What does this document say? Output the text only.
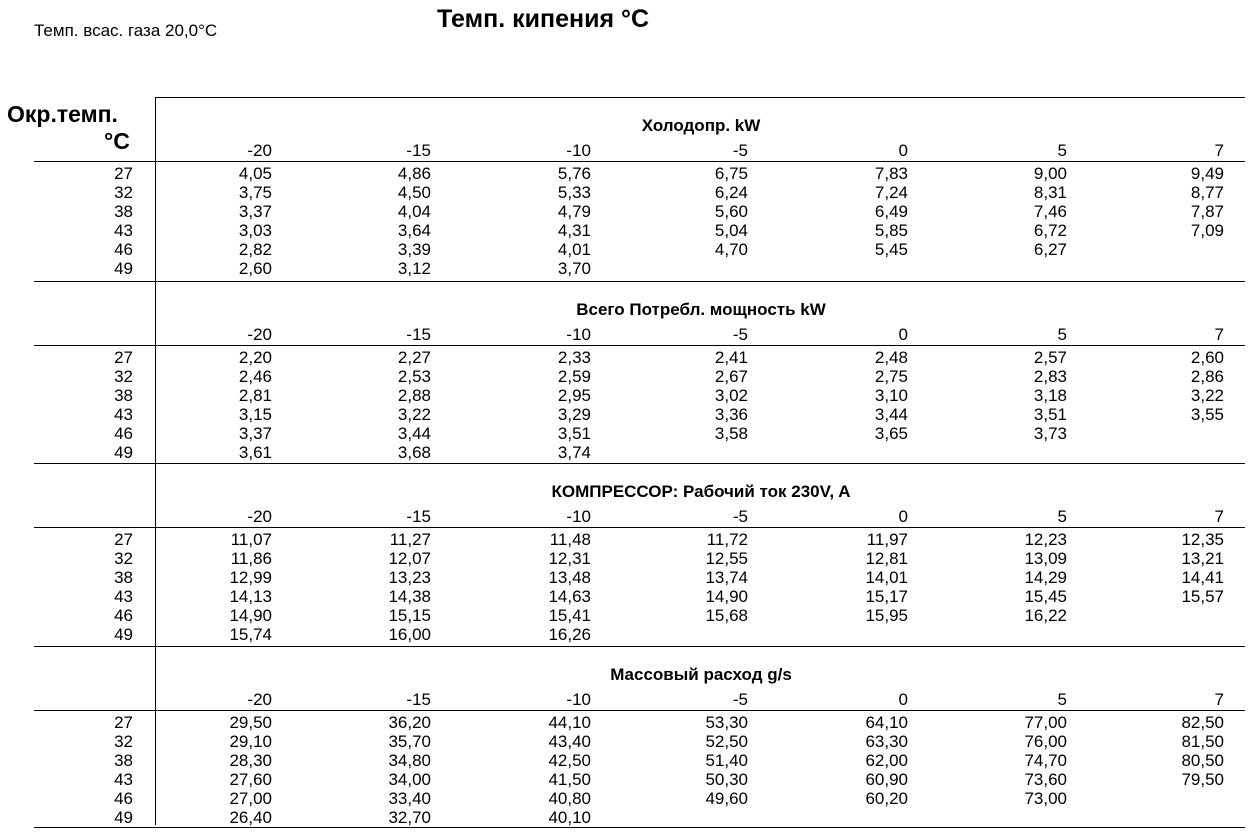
Темп. всас. газа 20,0°C	Темп. кипения °C
Окр.темп.
°C
Холодопр. kW
-20	-15	-10	-5	0	5	7
27	4,05	4,86	5,76	6,75	7,83	9,00	9,49
32	3,75	4,50	5,33	6,24	7,24	8,31	8,77
38	3,37	4,04	4,79	5,60	6,49	7,46	7,87
43	3,03	3,64	4,31	5,04	5,85	6,72	7,09
46	2,82	3,39	4,01	4,70	5,45	6,27
49	2,60	3,12	3,70
Всего Потребл. мощность kW
-20	-15	-10	-5	0	5	7
27	2,20	2,27	2,33	2,41	2,48	2,57	2,60
32	2,46	2,53	2,59	2,67	2,75	2,83	2,86
38	2,81	2,88	2,95	3,02	3,10	3,18	3,22
43	3,15	3,22	3,29	3,36	3,44	3,51	3,55
46	3,37	3,44	3,51	3,58	3,65	3,73
49	3,61	3,68	3,74
КОМПРЕССОР: Рабочий ток 230V, A
-20	-15	-10	-5	0	5	7
27	11,07	11,27	11,48	11,72	11,97	12,23	12,35
32	11,86	12,07	12,31	12,55	12,81	13,09	13,21
38	12,99	13,23	13,48	13,74	14,01	14,29	14,41
43	14,13	14,38	14,63	14,90	15,17	15,45	15,57
46	14,90	15,15	15,41	15,68	15,95	16,22
49	15,74	16,00	16,26
Массовый расход g/s
-20	-15	-10	-5	0	5	7
27	29,50	36,20	44,10	53,30	64,10	77,00	82,50
32	29,10	35,70	43,40	52,50	63,30	76,00	81,50
38	28,30	34,80	42,50	51,40	62,00	74,70	80,50
43	27,60	34,00	41,50	50,30	60,90	73,60	79,50
46	27,00	33,40	40,80	49,60	60,20	73,00
49	26,40	32,70	40,10
